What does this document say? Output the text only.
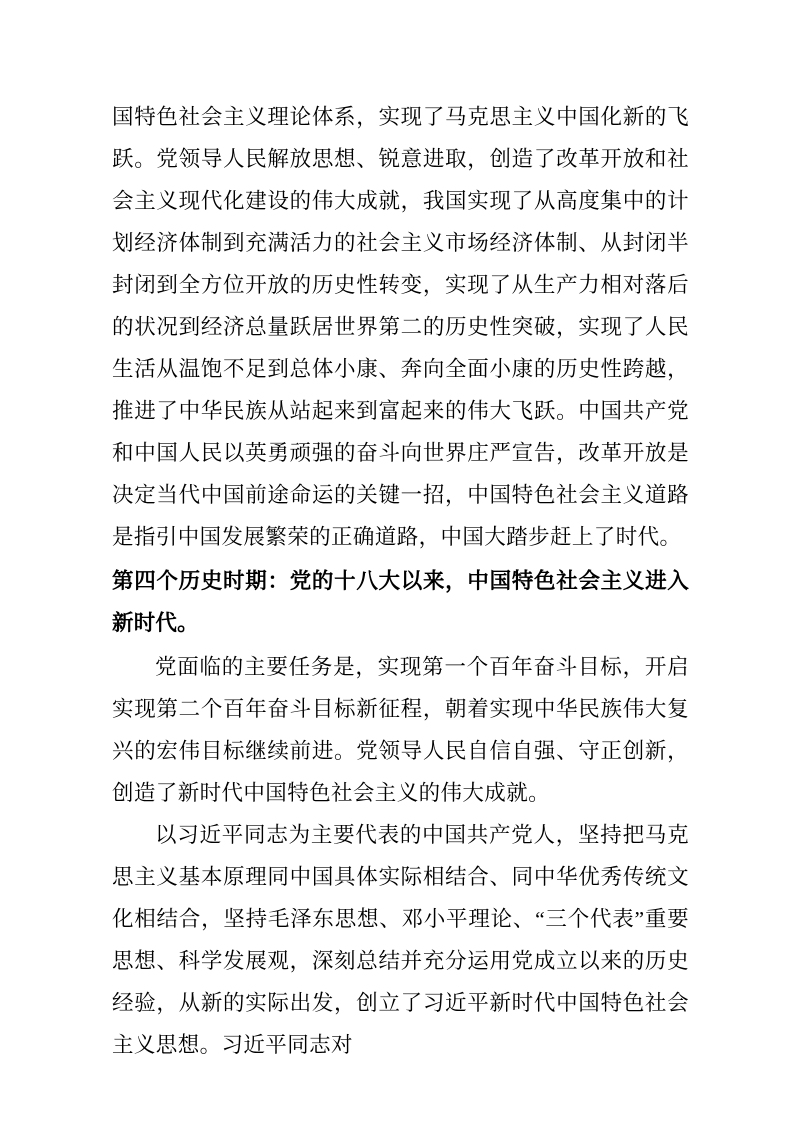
国特色社会主义理论体系，实现了马克思主义中国化新的飞跃。党领导人民解放思想、锐意进取，创造了改革开放和社会主义现代化建设的伟大成就，我国实现了从高度集中的计划经济体制到充满活力的社会主义市场经济体制、从封闭半封闭到全方位开放的历史性转变，实现了从生产力相对落后的状况到经济总量跃居世界第二的历史性突破，实现了人民生活从温饱不足到总体小康、奔向全面小康的历史性跨越，推进了中华民族从站起来到富起来的伟大飞跃。中国共产党和中国人民以英勇顽强的奋斗向世界庄严宣告，改革开放是决定当代中国前途命运的关键一招，中国特色社会主义道路是指引中国发展繁荣的正确道路，中国大踏步赶上了时代。

第四个历史时期：党的十八大以来，中国特色社会主义进入新时代。

党面临的主要任务是，实现第一个百年奋斗目标，开启实现第二个百年奋斗目标新征程，朝着实现中华民族伟大复兴的宏伟目标继续前进。党领导人民自信自强、守正创新，创造了新时代中国特色社会主义的伟大成就。

以习近平同志为主要代表的中国共产党人，坚持把马克思主义基本原理同中国具体实际相结合、同中华优秀传统文化相结合，坚持毛泽东思想、邓小平理论、“三个代表”重要思想、科学发展观，深刻总结并充分运用党成立以来的历史经验，从新的实际出发，创立了习近平新时代中国特色社会主义思想。习近平同志对
